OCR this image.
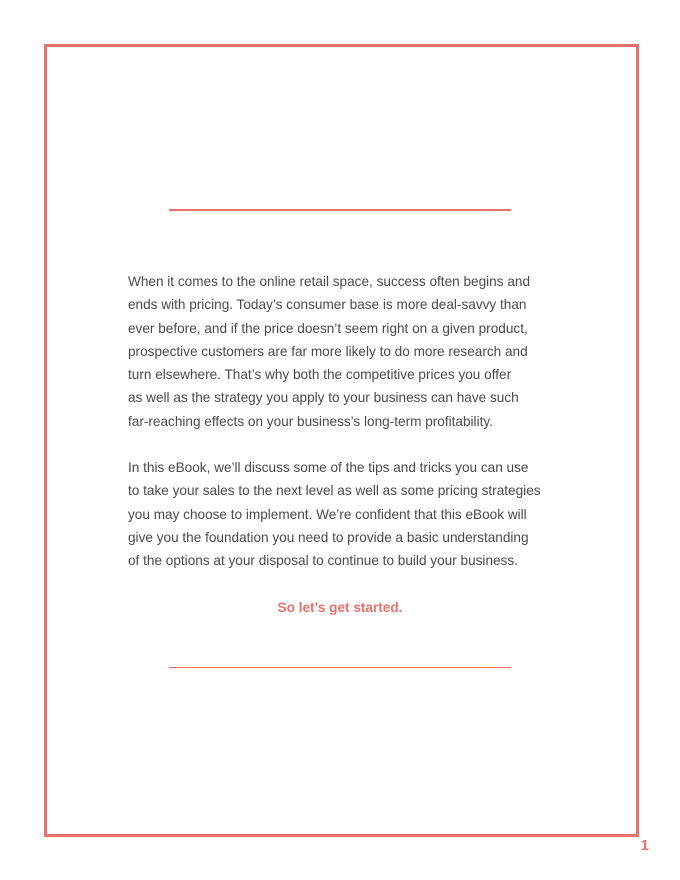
When it comes to the online retail space, success often begins and
ends with pricing. Today’s consumer base is more deal-savvy than
ever before, and if the price doesn’t seem right on a given product,
prospective customers are far more likely to do more research and
turn elsewhere. That’s why both the competitive prices you offer
as well as the strategy you apply to your business can have such
far-reaching effects on your business’s long-term profitability.
In this eBook, we’ll discuss some of the tips and tricks you can use
to take your sales to the next level as well as some pricing strategies
you may choose to implement. We’re confident that this eBook will
give you the foundation you need to provide a basic understanding
of the options at your disposal to continue to build your business.
So let’s get started.
1
